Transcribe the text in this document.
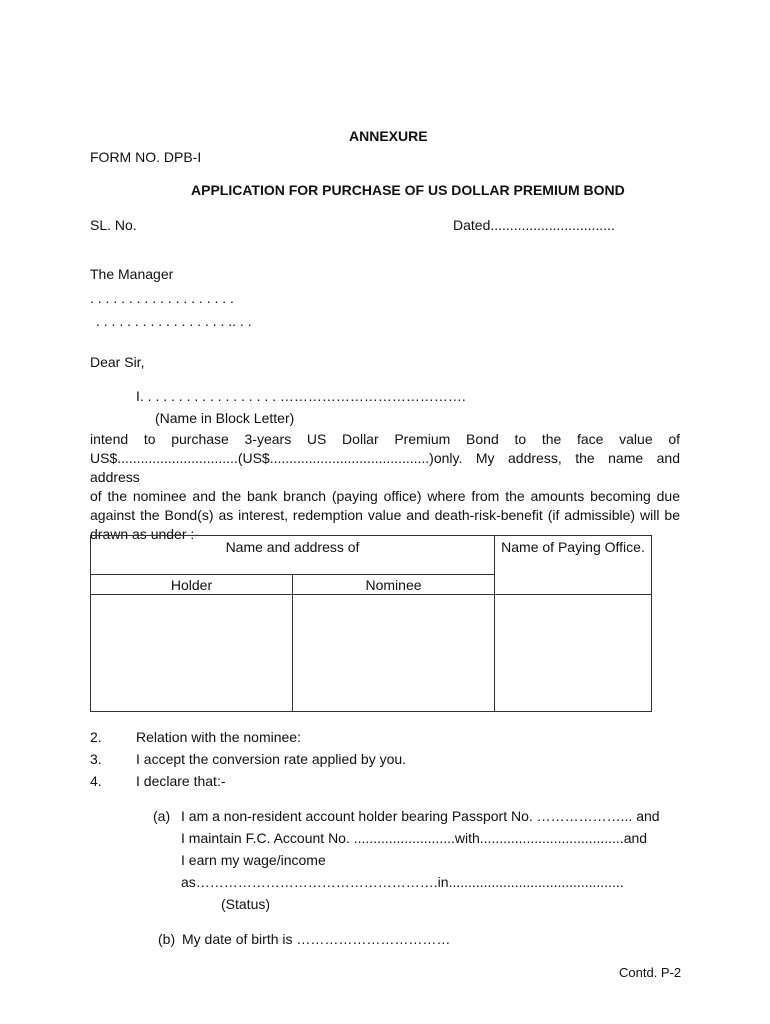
ANNEXURE
FORM NO. DPB-I
APPLICATION FOR PURCHASE OF US DOLLAR PREMIUM BOND
SL. No.	Dated................................
The Manager
. . . . . . . . . . . . . . . . . . .
. . . . . . . . . . . . . . . . . .. . .
Dear Sir,
I. . . . . . . . . . . . . . . . . . ………………………………….
(Name in Block Letter)
intend to purchase 3-years US Dollar Premium Bond to the face value of
US$...............................(US$.........................................)only. My address, the name and address
of the nominee and the bank branch (paying office) where from the amounts becoming due
against the Bond(s) as interest, redemption value and death-risk-benefit (if admissible) will be
drawn as under :-
Name and address of		Name of Paying Office.
Holder	Nominee	

2. Relation with the nominee:
3. I accept the conversion rate applied by you.
4. I declare that:-
(a) I am a non-resident account holder bearing Passport No. ………………... and
I maintain F.C. Account No. ..........................with.....................................and
I earn my wage/income
as…………………………………………….in.............................................
(Status)
(b) My date of birth is ……………………………
Contd. P-2
